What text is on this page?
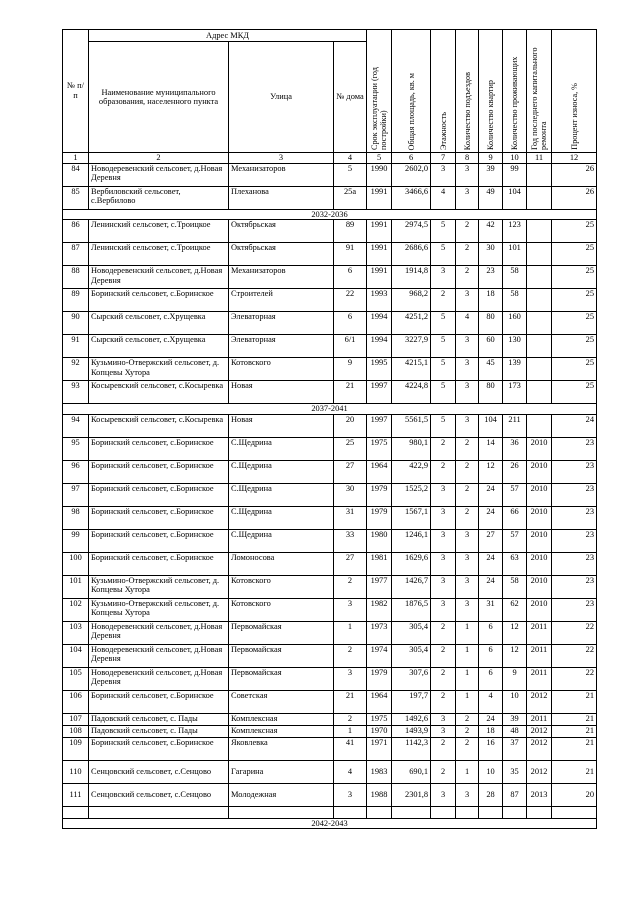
№ п/п	Адрес МКД			Срок эксплуатации (год постройки)	Общая площадь, кв. м	Этажность	Количество подъездов	Количество квартир	Количество проживающих	Год последнего капитального ремонта	Процент износа, %

	Наименование муниципального образования, населенного пункта	Улица	№ дома								
1	2	3	4	5	6	7	8	9	10	11	12
84	Новодеревенский сельсовет, д.Новая Деревня	Механизаторов	5	1990	2602,0	3	3	39	99		26
85	Вербиловский сельсовет, с.Вербилово	Плеханова	25а	1991	3466,6	4	3	49	104		26
2032-2036											
86	Ленинский сельсовет, с.Троицкое	Октябрьская	89	1991	2974,5	5	2	42	123		25
87	Ленинский сельсовет, с.Троицкое	Октябрьская	91	1991	2686,6	5	2	30	101		25
88	Новодеревенский сельсовет, д.Новая Деревня	Механизаторов	6	1991	1914,8	3	2	23	58		25
89	Боринский сельсовет, с.Боринское	Строителей	22	1993	968,2	2	3	18	58		25
90	Сырский сельсовет, с.Хрущевка	Элеваторная	6	1994	4251,2	5	4	80	160		25
91	Сырский сельсовет, с.Хрущевка	Элеваторная	6/1	1994	3227,9	5	3	60	130		25
92	Кузьмино-Отвержский сельсовет, д. Копцевы Хутора	Котовского	9	1995	4215,1	5	3	45	139		25
93	Косыревский сельсовет, с.Косыревка	Новая	21	1997	4224,8	5	3	80	173		25
2037-2041											
94	Косыревский сельсовет, с.Косыревка	Новая	20	1997	5561,5	5	3	104	211		24
95	Боринский сельсовет, с.Боринское	С.Щедрина	25	1975	980,1	2	2	14	36	2010	23
96	Боринский сельсовет, с.Боринское	С.Щедрина	27	1964	422,9	2	2	12	26	2010	23
97	Боринский сельсовет, с.Боринское	С.Щедрина	30	1979	1525,2	3	2	24	57	2010	23
98	Боринский сельсовет, с.Боринское	С.Щедрина	31	1979	1567,1	3	2	24	66	2010	23
99	Боринский сельсовет, с.Боринское	С.Щедрина	33	1980	1246,1	3	3	27	57	2010	23
100	Боринский сельсовет, с.Боринское	Ломоносова	27	1981	1629,6	3	3	24	63	2010	23
101	Кузьмино-Отвержский сельсовет, д. Копцевы Хутора	Котовского	2	1977	1426,7	3	3	24	58	2010	23
102	Кузьмино-Отвержский сельсовет, д. Копцевы Хутора	Котовского	3	1982	1876,5	3	3	31	62	2010	23
103	Новодеревенский сельсовет, д.Новая Деревня	Первомайская	1	1973	305,4	2	1	6	12	2011	22
104	Новодеревенский сельсовет, д.Новая Деревня	Первомайская	2	1974	305,4	2	1	6	12	2011	22
105	Новодеревенский сельсовет, д.Новая Деревня	Первомайская	3	1979	307,6	2	1	6	9	2011	22
106	Боринский сельсовет, с.Боринское	Советская	21	1964	197,7	2	1	4	10	2012	21
107	Падовский сельсовет, с. Пады	Комплексная	2	1975	1492,6	3	2	24	39	2011	21
108	Падовский сельсовет, с. Пады	Комплексная	1	1970	1493,9	3	2	18	48	2012	21
109	Боринский сельсовет, с.Боринское	Яковлевка	41	1971	1142,3	2	2	16	37	2012	21
110	Сенцовский сельсовет, с.Сенцово	Гагарина	4	1983	690,1	2	1	10	35	2012	21
111	Сенцовский сельсовет, с.Сенцово	Молодежная	3	1988	2301,8	3	3	28	87	2013	20

2042-2043											
